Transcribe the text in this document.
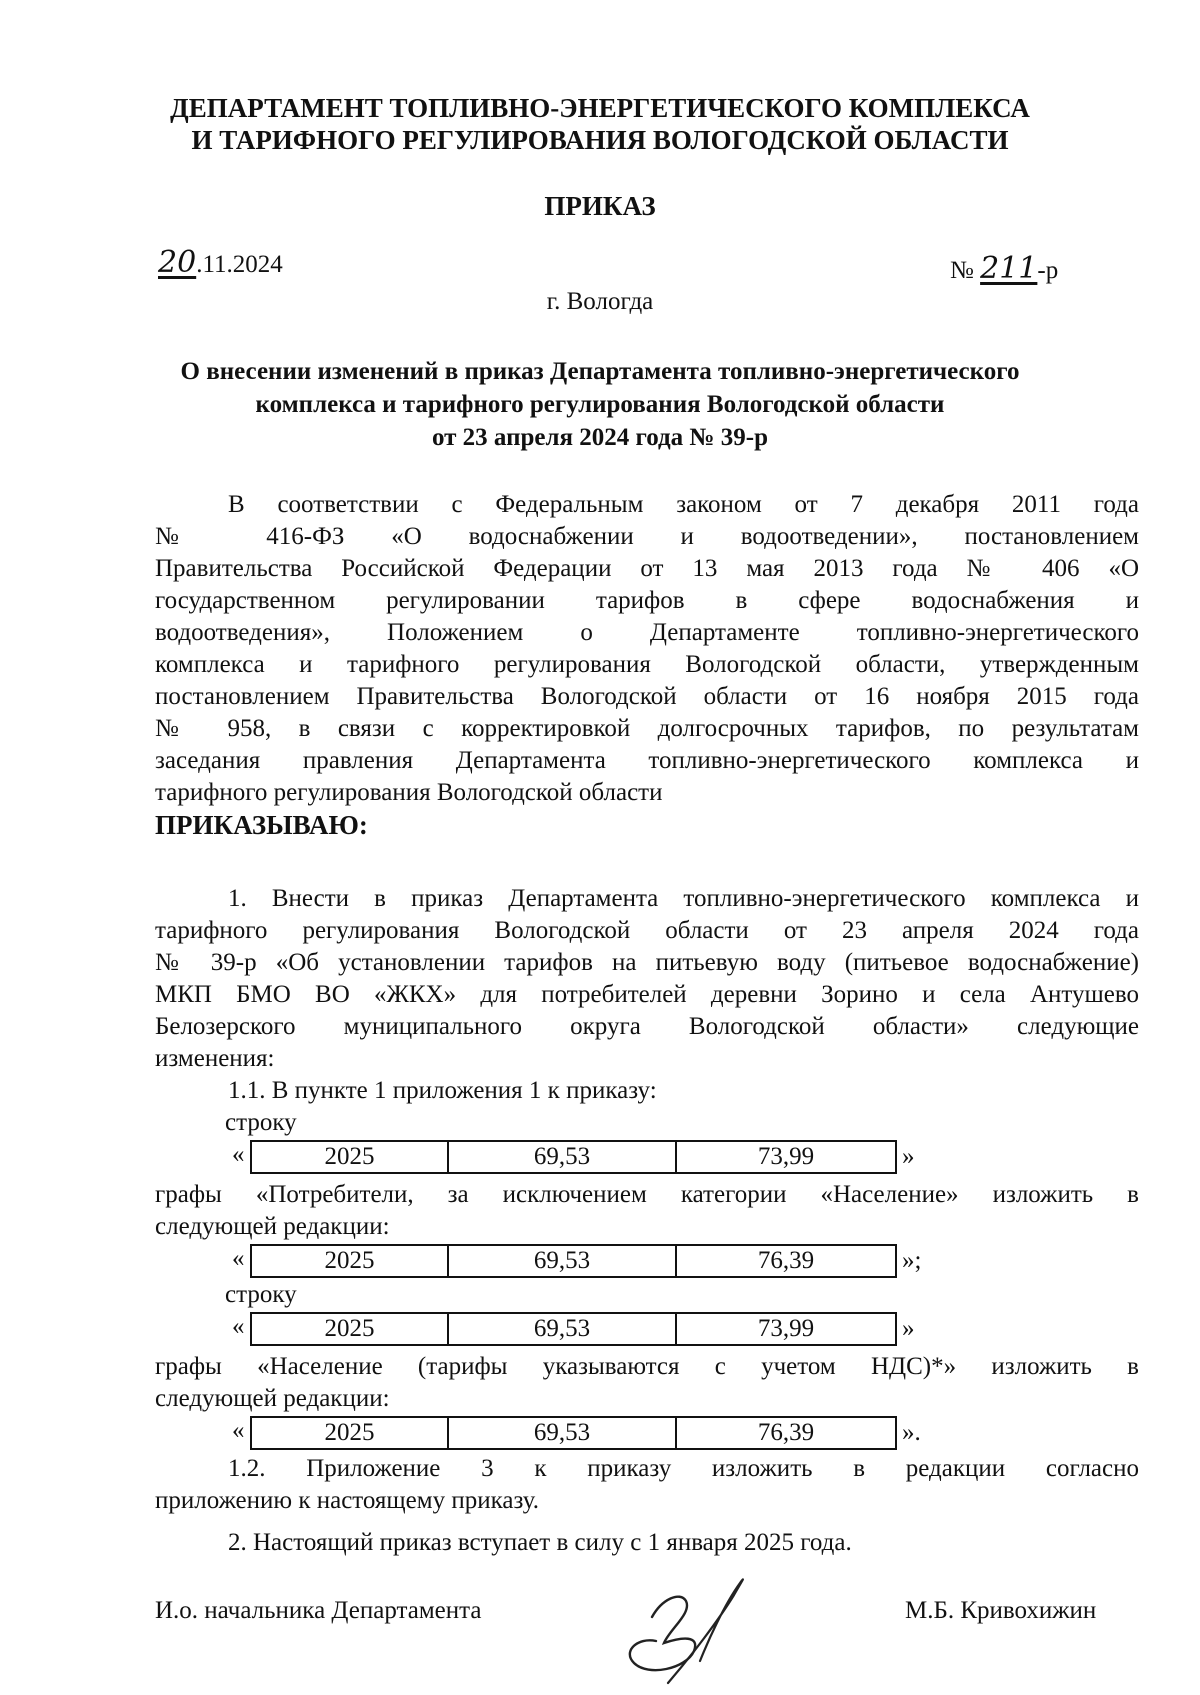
ДЕПАРТАМЕНТ ТОПЛИВНО-ЭНЕРГЕТИЧЕСКОГО КОМПЛЕКСА
И ТАРИФНОГО РЕГУЛИРОВАНИЯ ВОЛОГОДСКОЙ ОБЛАСТИ
ПРИКАЗ
20.11.2024	№ 211-р
г. Вологда
О внесении изменений в приказ Департамента топливно-энергетического
комплекса и тарифного регулирования Вологодской области
от 23 апреля 2024 года № 39-р
В соответствии с Федеральным законом от 7 декабря 2011 года
№ 416-ФЗ «О водоснабжении и водоотведении», постановлением
Правительства Российской Федерации от 13 мая 2013 года № 406 «О
государственном регулировании тарифов в сфере водоснабжения и
водоотведения», Положением о Департаменте топливно-энергетического
комплекса и тарифного регулирования Вологодской области, утвержденным
постановлением Правительства Вологодской области от 16 ноября 2015 года
№ 958, в связи с корректировкой долгосрочных тарифов, по результатам
заседания правления Департамента топливно-энергетического комплекса и
тарифного регулирования Вологодской области
ПРИКАЗЫВАЮ:
1. Внести в приказ Департамента топливно-энергетического комплекса и
тарифного регулирования Вологодской области от 23 апреля 2024 года
№ 39-р «Об установлении тарифов на питьевую воду (питьевое водоснабжение)
МКП БМО ВО «ЖКХ» для потребителей деревни Зорино и села Антушево
Белозерского муниципального округа Вологодской области» следующие
изменения:
1.1. В пункте 1 приложения 1 к приказу:
строку
«	2025	69,53	73,99	»
графы «Потребители, за исключением категории «Население» изложить в
следующей редакции:
«	2025	69,53	76,39	»;
строку
«	2025	69,53	73,99	»
графы «Население (тарифы указываются с учетом НДС)*» изложить в
следующей редакции:
«	2025	69,53	76,39	».
1.2. Приложение 3 к приказу изложить в редакции согласно
приложению к настоящему приказу.
2. Настоящий приказ вступает в силу с 1 января 2025 года.
И.о. начальника Департамента	М.Б. Кривохижин
